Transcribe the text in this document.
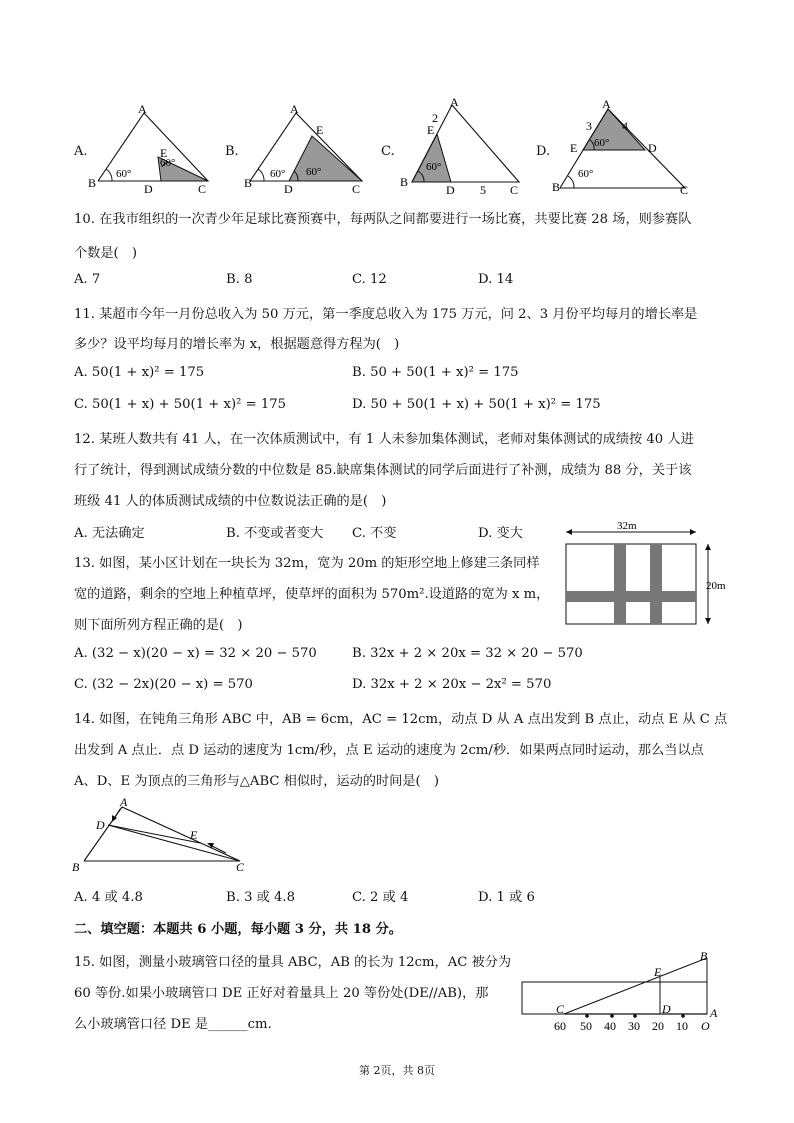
A.
A
E
B	D	C
60°
60°
B.
A
E
B	D	C
60° 60°
C.
A
E
B
D	C
2
5
60°
D.
A
E	D
B	C
3	4
60°
60°
10. 在我市组织的一次青少年足球比赛预赛中，每两队之间都要进行一场比赛，共要比赛 28 场，则参赛队
个数是( )
A. 7	B. 8	C. 12	D. 14
11. 某超市今年一月份总收入为 50 万元，第一季度总收入为 175 万元，问 2、3 月份平均每月的增长率是
多少？设平均每月的增长率为 x，根据题意得方程为( )
A. 50(1 + x)² = 175	B. 50 + 50(1 + x)² = 175
C. 50(1 + x) + 50(1 + x)² = 175	D. 50 + 50(1 + x) + 50(1 + x)² = 175
12. 某班人数共有 41 人，在一次体质测试中，有 1 人未参加集体测试，老师对集体测试的成绩按 40 人进
行了统计，得到测试成绩分数的中位数是 85.缺席集体测试的同学后面进行了补测，成绩为 88 分，关于该
班级 41 人的体质测试成绩的中位数说法正确的是( )
A. 无法确定	B. 不变或者变大 C. 不变	D. 变大
13. 如图，某小区计划在一块长为 32m，宽为 20m 的矩形空地上修建三条同样
宽的道路，剩余的空地上种植草坪，使草坪的面积为 570m².设道路的宽为 x m，
则下面所列方程正确的是( )
32m
20m
A. (32 − x)(20 − x) = 32 × 20 − 570	B. 32x + 2 × 20x = 32 × 20 − 570
C. (32 − 2x)(20 − x) = 570	D. 32x + 2 × 20x − 2x² = 570
14. 如图，在钝角三角形 ABC 中，AB = 6cm，AC = 12cm，动点 D 从 A 点出发到 B 点止，动点 E 从 C 点
出发到 A 点止．点 D 运动的速度为 1cm/秒，点 E 运动的速度为 2cm/秒．如果两点同时运动，那么当以点
A、D、E 为顶点的三角形与△ABC 相似时，运动的时间是( )
A
D
E
B	C
A. 4 或 4.8	B. 3 或 4.8	C. 2 或 4	D. 1 或 6
二、填空题：本题共 6 小题，每小题 3 分，共 18 分。
15. 如图，测量小玻璃管口径的量具 ABC，AB 的长为 12cm，AC 被分为
60 等份.如果小玻璃管口 DE 正好对着量具上 20 等份处(DE//AB)，那
么小玻璃管口径 DE 是______cm.
B
E
C	D	A
O
60 50 40 30 20 10
第 2页，共 8页
